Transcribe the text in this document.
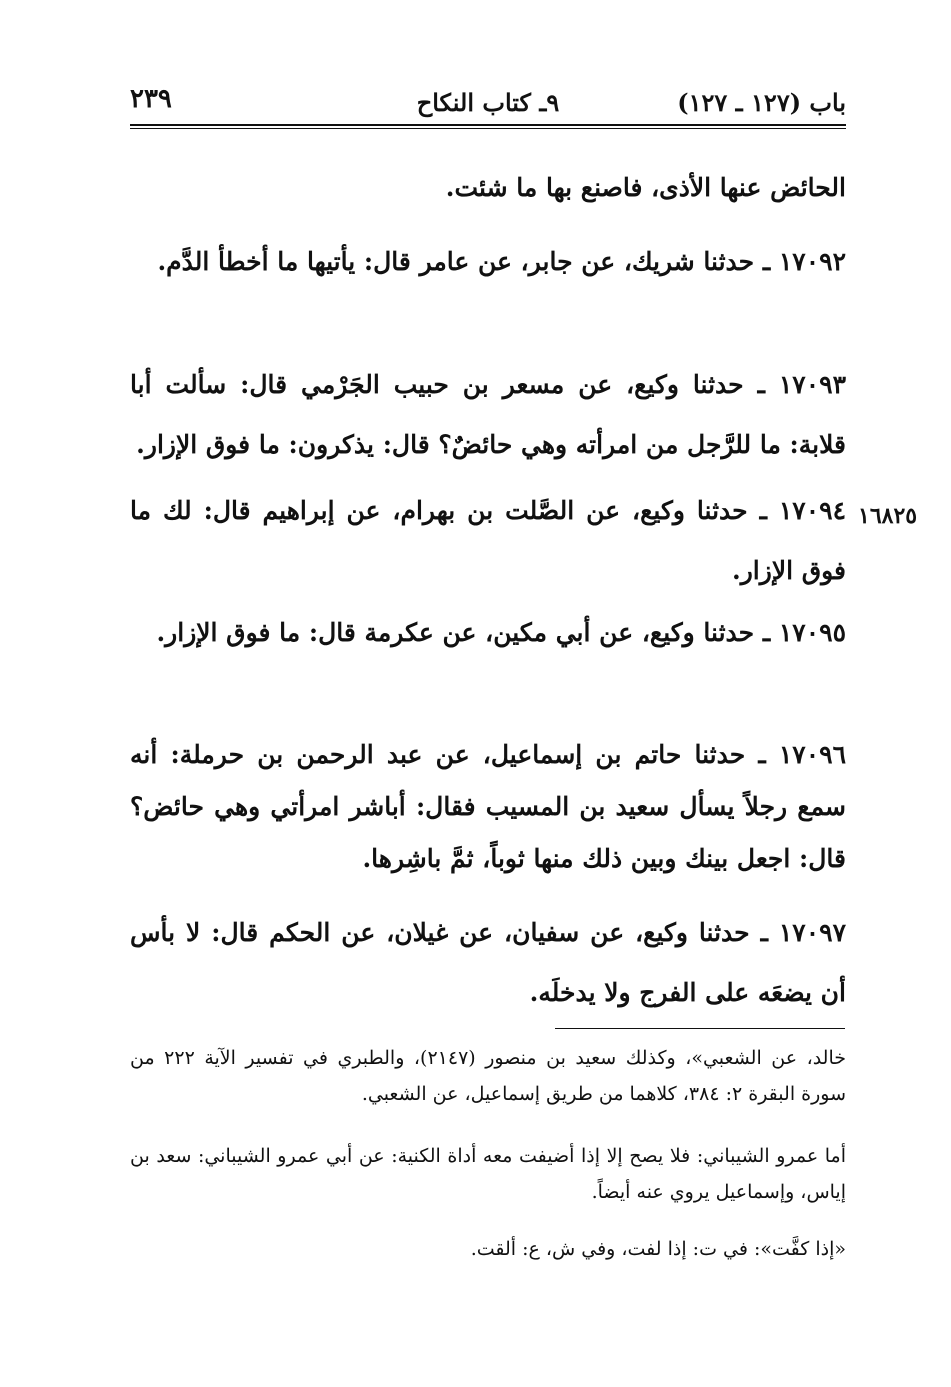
باب (١٢٧ ـ ١٢٧)
٩ـ كتاب النكاح
٢٣٩
الحائض عنها الأذى، فاصنع بها ما شئت.
١٧٠٩٢ ـ حدثنا شريك، عن جابر، عن عامر قال: يأتيها ما أخطأ الدَّم.
١٧٠٩٣ ـ حدثنا وكيع، عن مسعر بن حبيب الجَرْمي قال: سألت أبا قلابة: ما للرَّجل من امرأته وهي حائضٌ؟ قال: يذكرون: ما فوق الإزار.
١٧٠٩٤ ـ حدثنا وكيع، عن الصَّلت بن بهرام، عن إبراهيم قال: لك ما فوق الإزار.
١٦٨٢٥
١٧٠٩٥ ـ حدثنا وكيع، عن أبي مكين، عن عكرمة قال: ما فوق الإزار.
١٧٠٩٦ ـ حدثنا حاتم بن إسماعيل، عن عبد الرحمن بن حرملة: أنه سمع رجلاً يسأل سعيد بن المسيب فقال: أباشر امرأتي وهي حائض؟ قال: اجعل بينك وبين ذلك منها ثوباً، ثمَّ باشِرها.
١٧٠٩٧ ـ حدثنا وكيع، عن سفيان، عن غيلان، عن الحكم قال: لا بأس أن يضعَه على الفرج ولا يدخلَه.
خالد، عن الشعبي»، وكذلك سعيد بن منصور (٢١٤٧)، والطبري في تفسير الآية ٢٢٢ من سورة البقرة ٢: ٣٨٤، كلاهما من طريق إسماعيل، عن الشعبي.
أما عمرو الشيباني: فلا يصح إلا إذا أضيفت معه أداة الكنية: عن أبي عمرو الشيباني: سعد بن إياس، وإسماعيل يروي عنه أيضاً.
«إذا كفَّت»: في ت: إذا لفت، وفي ش، ع: ألقت.
